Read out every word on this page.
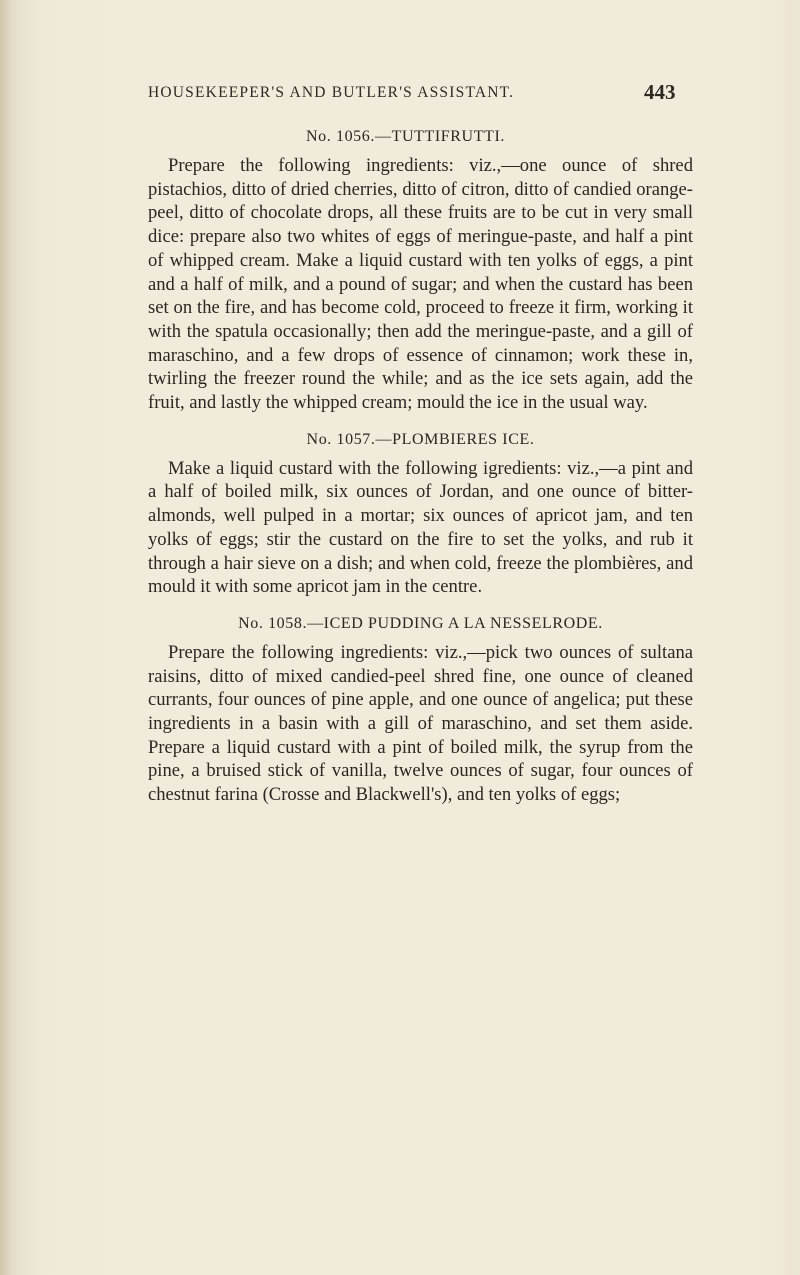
HOUSEKEEPER'S AND BUTLER'S ASSISTANT.	443
No. 1056.—TUTTIFRUTTI.

Prepare the following ingredients: viz.,—one ounce of shred pistachios, ditto of dried cherries, ditto of citron, ditto of candied orange-peel, ditto of chocolate drops, all these fruits are to be cut in very small dice: prepare also two whites of eggs of meringue-paste, and half a pint of whipped cream. Make a liquid custard with ten yolks of eggs, a pint and a half of milk, and a pound of sugar; and when the custard has been set on the fire, and has become cold, proceed to freeze it firm, working it with the spatula occasionally; then add the meringue-paste, and a gill of maraschino, and a few drops of essence of cinnamon; work these in, twirling the freezer round the while; and as the ice sets again, add the fruit, and lastly the whipped cream; mould the ice in the usual way.

No. 1057.—PLOMBIERES ICE.

Make a liquid custard with the following igredients: viz.,—a pint and a half of boiled milk, six ounces of Jordan, and one ounce of bitter-almonds, well pulped in a mortar; six ounces of apricot jam, and ten yolks of eggs; stir the custard on the fire to set the yolks, and rub it through a hair sieve on a dish; and when cold, freeze the plombières, and mould it with some apricot jam in the centre.

No. 1058.—ICED PUDDING A LA NESSELRODE.

Prepare the following ingredients: viz.,—pick two ounces of sultana raisins, ditto of mixed candied-peel shred fine, one ounce of cleaned currants, four ounces of pine apple, and one ounce of angelica; put these ingredients in a basin with a gill of maraschino, and set them aside. Prepare a liquid custard with a pint of boiled milk, the syrup from the pine, a bruised stick of vanilla, twelve ounces of sugar, four ounces of chestnut farina (Crosse and Blackwell's), and ten yolks of eggs;
